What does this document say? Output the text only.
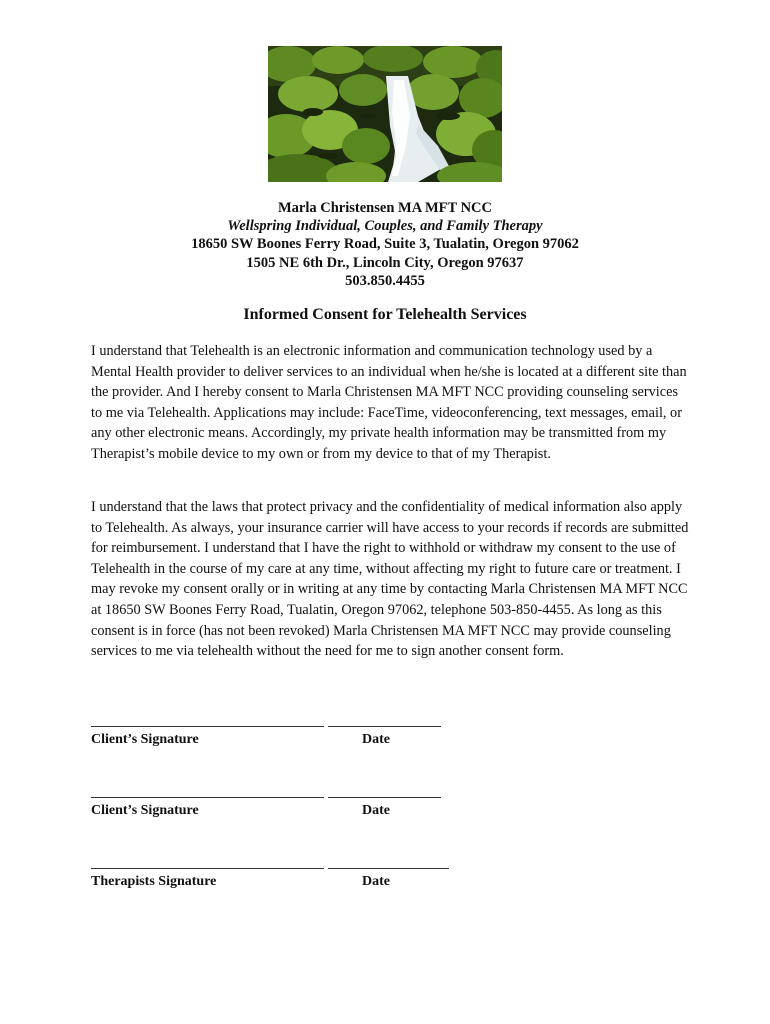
Marla Christensen MA MFT NCC
Wellspring Individual, Couples, and Family Therapy
18650 SW Boones Ferry Road, Suite 3, Tualatin, Oregon 97062
1505 NE 6th Dr., Lincoln City, Oregon 97637
503.850.4455
Informed Consent for Telehealth Services
I understand that Telehealth is an electronic information and communication technology used by a Mental Health provider to deliver services to an individual when he/she is located at a different site than the provider. And I hereby consent to Marla Christensen MA MFT NCC providing counseling services to me via Telehealth. Applications may include: FaceTime, videoconferencing, text messages, email, or any other electronic means. Accordingly, my private health information may be transmitted from my Therapist’s mobile device to my own or from my device to that of my Therapist.
I understand that the laws that protect privacy and the confidentiality of medical information also apply to Telehealth. As always, your insurance carrier will have access to your records if records are submitted for reimbursement. I understand that I have the right to withhold or withdraw my consent to the use of Telehealth in the course of my care at any time, without affecting my right to future care or treatment. I may revoke my consent orally or in writing at any time by contacting Marla Christensen MA MFT NCC at 18650 SW Boones Ferry Road, Tualatin, Oregon 97062, telephone 503-850-4455. As long as this consent is in force (has not been revoked) Marla Christensen MA MFT NCC may provide counseling services to me via telehealth without the need for me to sign another consent form.
Client’s Signature	Date
Client’s Signature	Date
Therapists Signature	Date
